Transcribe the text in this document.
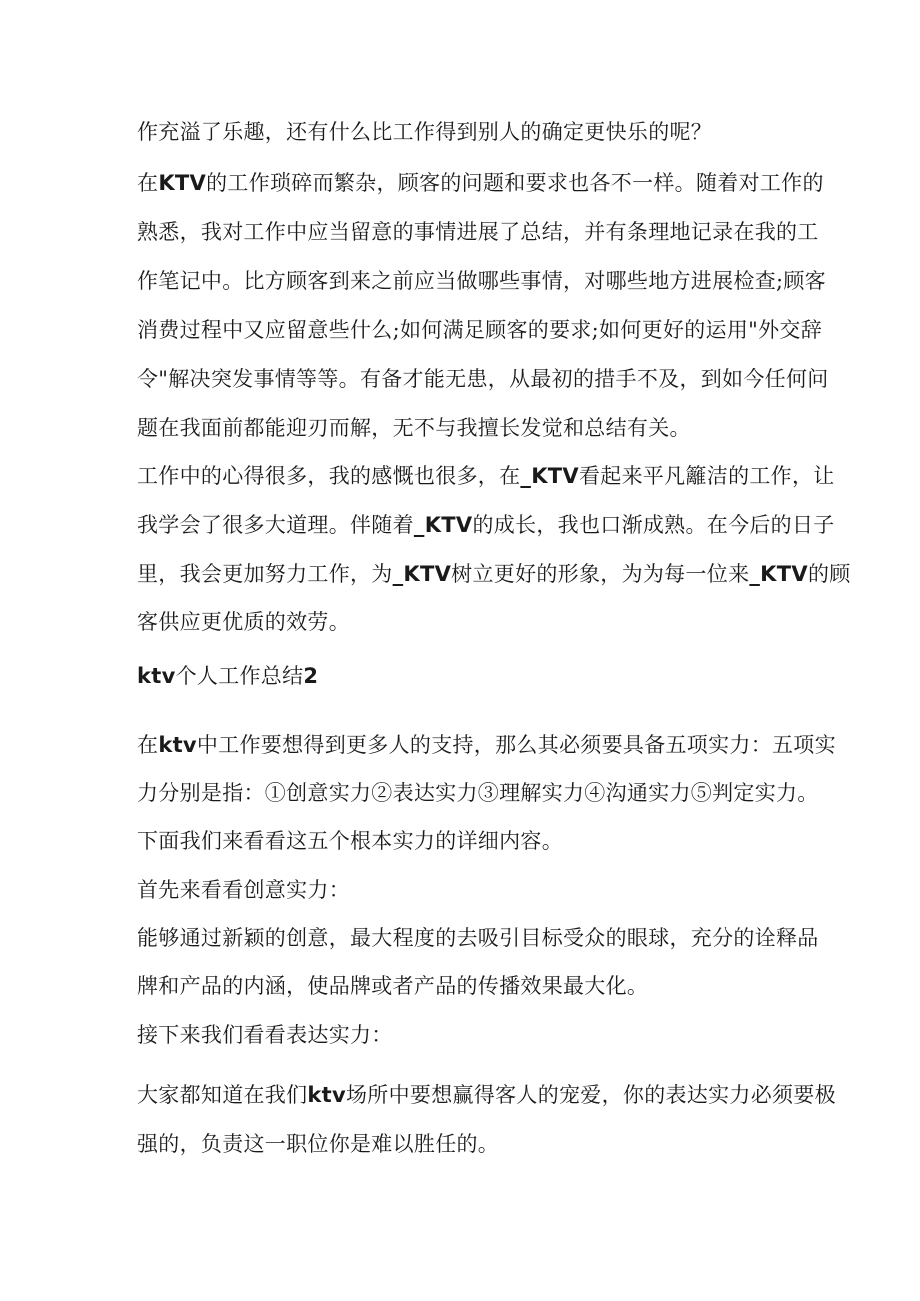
作充溢了乐趣，还有什么比工作得到别人的确定更快乐的呢？
在KTV的工作琐碎而繁杂，顾客的问题和要求也各不一样。随着对工作的
熟悉，我对工作中应当留意的事情进展了总结，并有条理地记录在我的工
作笔记中。比方顾客到来之前应当做哪些事情，对哪些地方进展检查;顾客
消费过程中又应留意些什么;如何满足顾客的要求;如何更好的运用"外交辞
令"解决突发事情等等。有备才能无患，从最初的措手不及，到如今任何问
题在我面前都能迎刃而解，无不与我擅长发觉和总结有关。
工作中的心得很多，我的感慨也很多，在_KTV看起来平凡籬洁的工作，让
我学会了很多大道理。伴随着_KTV的成长，我也口渐成熟。在今后的日子
里，我会更加努力工作，为_KTV树立更好的形象，为为每一位来_KTV的顾
客供应更优质的效劳。
ktv个人工作总结2
在ktv中工作要想得到更多人的支持，那么其必须要具备五项实力：五项实
力分别是指：①创意实力②表达实力③理解实力④沟通实力⑤判定实力。
下面我们来看看这五个根本实力的详细内容。
首先来看看创意实力：
能够通过新颖的创意，最大程度的去吸引目标受众的眼球，充分的诠释品
牌和产品的内涵，使品牌或者产品的传播效果最大化。
接下来我们看看表达实力：
大家都知道在我们ktv场所中要想赢得客人的宠爱，你的表达实力必须要极
强的，负责这一职位你是难以胜任的。
